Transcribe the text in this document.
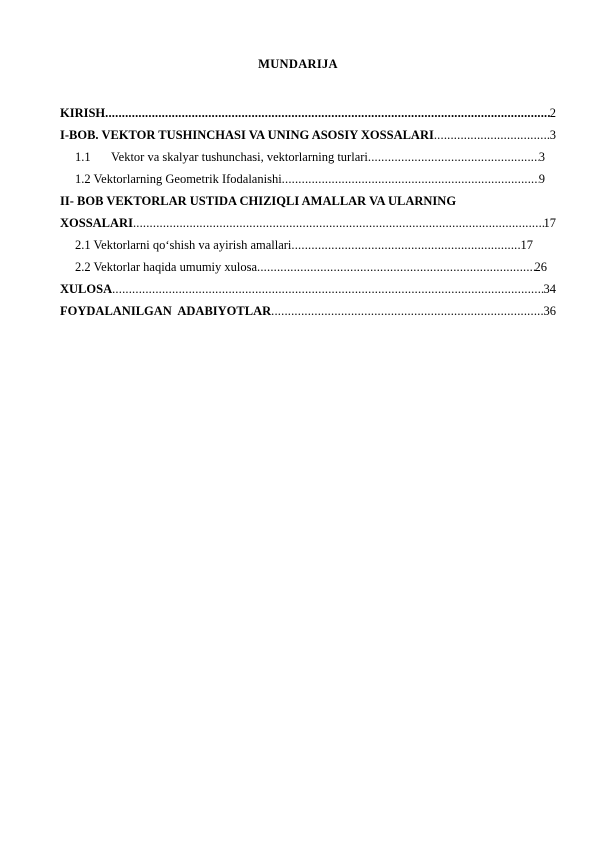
MUNDARIJA
KIRISH .....	2
I-BOB. VEKTOR TUSHINCHASI VA UNING ASOSIY XOSSALARI .....	3
1.1 Vektor va skalyar tushunchasi, vektorlarning turlari .....	3
1.2 Vektorlarning Geometrik Ifodalanishi .....	9
II- BOB VEKTORLAR USTIDA CHIZIQLI AMALLAR VA ULARNING
XOSSALARI .....	17
2.1 Vektorlarni qo‘shish va ayirish amallari .....	17
2.2 Vektorlar haqida umumiy xulosa .....	26
XULOSA .....	34
FOYDALANILGAN  ADABIYOTLAR .....	36
